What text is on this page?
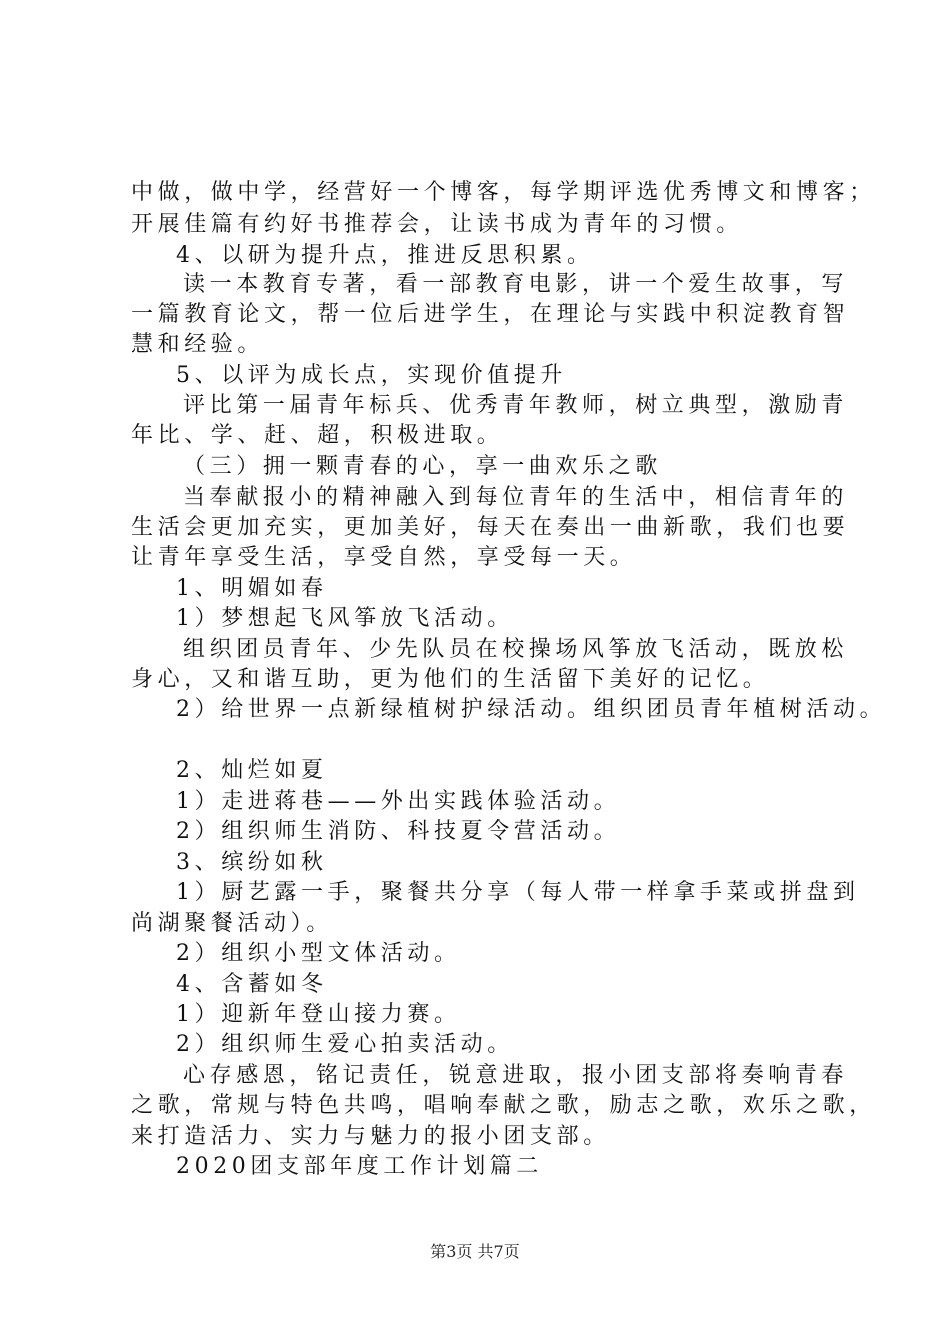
中做，做中学，经营好一个博客，每学期评选优秀博文和博客；
开展佳篇有约好书推荐会，让读书成为青年的习惯。
4、以研为提升点，推进反思积累。
读一本教育专著，看一部教育电影，讲一个爱生故事，写
一篇教育论文，帮一位后进学生，在理论与实践中积淀教育智
慧和经验。
5、以评为成长点，实现价值提升
评比第一届青年标兵、优秀青年教师，树立典型，激励青
年比、学、赶、超，积极进取。
（三）拥一颗青春的心，享一曲欢乐之歌
当奉献报小的精神融入到每位青年的生活中，相信青年的
生活会更加充实，更加美好，每天在奏出一曲新歌，我们也要
让青年享受生活，享受自然，享受每一天。
1、明媚如春
1）梦想起飞风筝放飞活动。
组织团员青年、少先队员在校操场风筝放飞活动，既放松
身心，又和谐互助，更为他们的生活留下美好的记忆。
2）给世界一点新绿植树护绿活动。组织团员青年植树活动。
2、灿烂如夏
1）走进蒋巷——外出实践体验活动。
2）组织师生消防、科技夏令营活动。
3、缤纷如秋
1）厨艺露一手，聚餐共分享（每人带一样拿手菜或拼盘到
尚湖聚餐活动）。
2）组织小型文体活动。
4、含蓄如冬
1）迎新年登山接力赛。
2）组织师生爱心拍卖活动。
心存感恩，铭记责任，锐意进取，报小团支部将奏响青春
之歌，常规与特色共鸣，唱响奉献之歌，励志之歌，欢乐之歌，
来打造活力、实力与魅力的报小团支部。
2020团支部年度工作计划篇二
第3页 共7页
